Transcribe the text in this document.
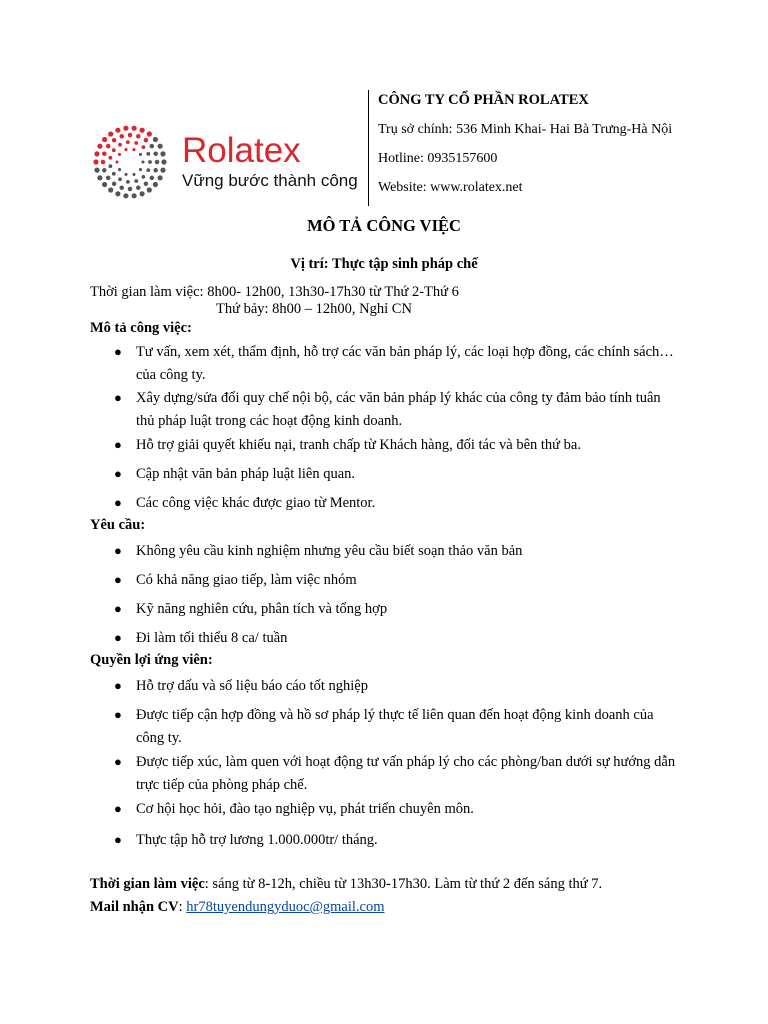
Rolatex
Vững bước thành công
CÔNG TY CỔ PHẦN ROLATEX
Trụ sở chính: 536 Minh Khai- Hai Bà Trưng-Hà Nội
Hotline: 0935157600
Website: www.rolatex.net
MÔ TẢ CÔNG VIỆC
Vị trí: Thực tập sinh pháp chế
Thời gian làm việc: 8h00- 12h00, 13h30-17h30 từ Thứ 2-Thứ 6
Thứ bảy: 8h00 – 12h00, Nghỉ CN
Mô tả công việc:
● Tư vấn, xem xét, thẩm định, hỗ trợ các văn bản pháp lý, các loại hợp đồng, các chính sách… của công ty.
● Xây dựng/sửa đổi quy chế nội bộ, các văn bản pháp lý khác của công ty đảm bảo tính tuân thủ pháp luật trong các hoạt động kinh doanh.
● Hỗ trợ giải quyết khiếu nại, tranh chấp từ Khách hàng, đối tác và bên thứ ba.
● Cập nhật văn bản pháp luật liên quan.
● Các công việc khác được giao từ Mentor.
Yêu cầu:
● Không yêu cầu kinh nghiệm nhưng yêu cầu biết soạn thảo văn bản
● Có khả năng giao tiếp, làm việc nhóm
● Kỹ năng nghiên cứu, phân tích và tổng hợp
● Đi làm tối thiểu 8 ca/ tuần
Quyền lợi ứng viên:
● Hỗ trợ dấu và số liệu báo cáo tốt nghiệp
● Được tiếp cận hợp đồng và hồ sơ pháp lý thực tế liên quan đến hoạt động kinh doanh của công ty.
● Được tiếp xúc, làm quen với hoạt động tư vấn pháp lý cho các phòng/ban dưới sự hướng dẫn trực tiếp của phòng pháp chế.
● Cơ hội học hỏi, đào tạo nghiệp vụ, phát triển chuyên môn.
● Thực tập hỗ trợ lương 1.000.000tr/ tháng.
Thời gian làm việc: sáng từ 8-12h, chiều từ 13h30-17h30. Làm từ thứ 2 đến sáng thứ 7.
Mail nhận CV: hr78tuyendungyduoc@gmail.com
